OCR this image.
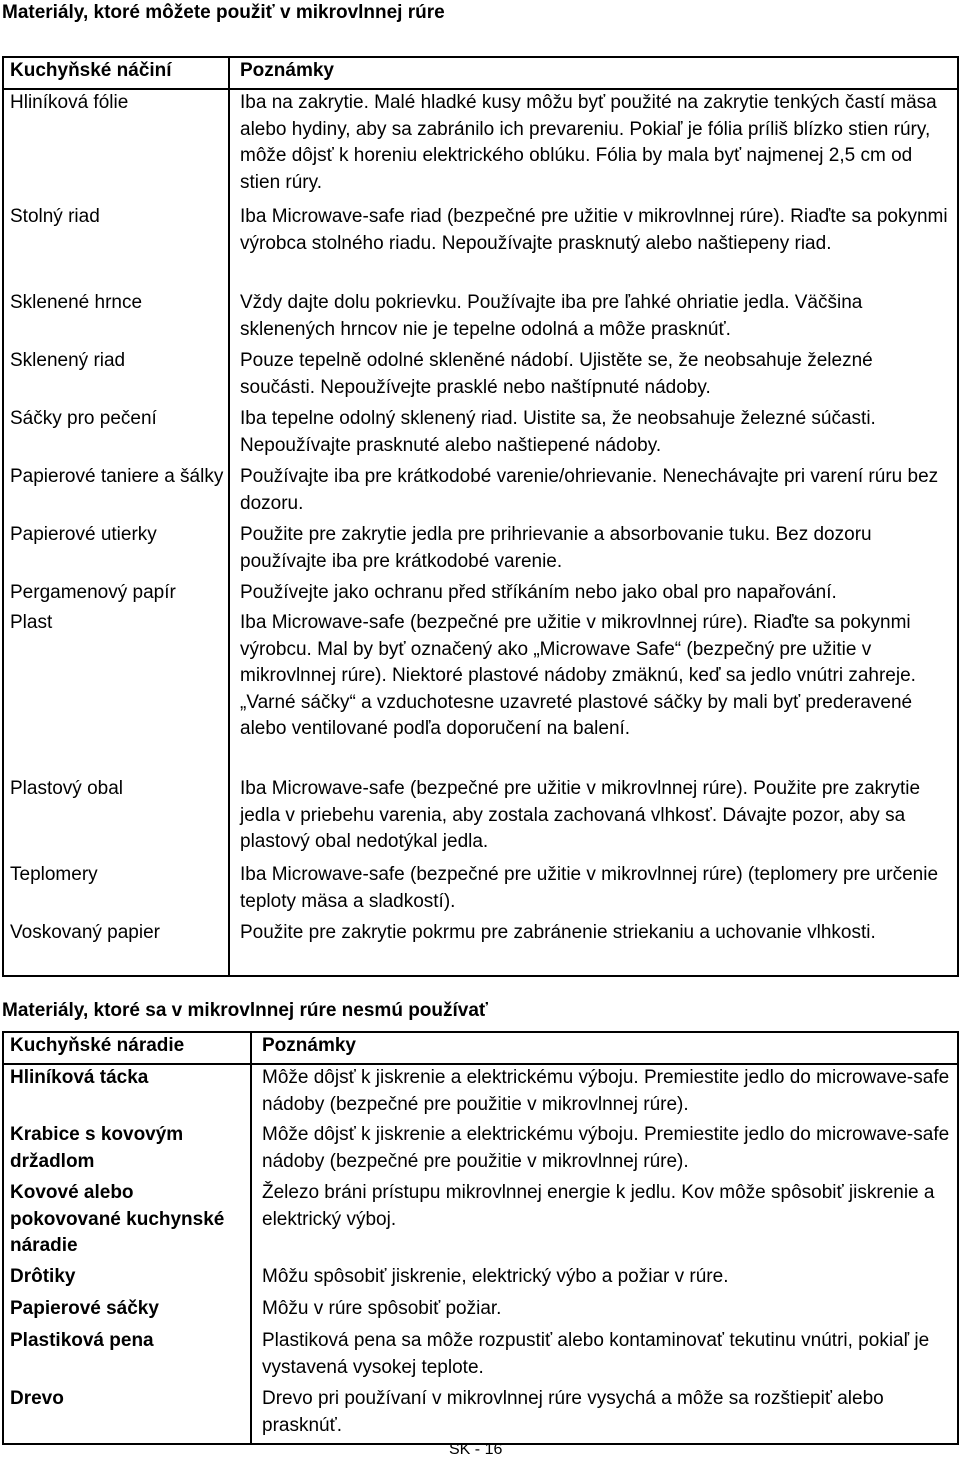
Materiály, ktoré môžete použiť v mikrovlnnej rúre
Kuchyňské náčiní	Poznámky
Hliníková fólie	Iba na zakrytie. Malé hladké kusy môžu byť použité na zakrytie tenkých častí mäsa alebo hydiny, aby sa zabránilo ich prevareniu. Pokiaľ je fólia príliš blízko stien rúry, môže dôjsť k horeniu elektrického oblúku. Fólia by mala byť najmenej 2,5 cm od stien rúry.
Stolný riad	Iba Microwave-safe riad (bezpečné pre užitie v mikrovlnnej rúre). Riaďte sa pokynmi výrobca stolného riadu. Nepoužívajte prasknutý alebo naštiepeny riad.
Sklenené hrnce	Vždy dajte dolu pokrievku. Používajte iba pre ľahké ohriatie jedla. Väčšina sklenených hrncov nie je tepelne odolná a môže prasknúť.
Sklenený riad	Pouze tepelně odolné skleněné nádobí. Ujistěte se, že neobsahuje železné součásti. Nepoužívejte prasklé nebo naštípnuté nádoby.
Sáčky pro pečení	Iba tepelne odolný sklenený riad. Uistite sa, že neobsahuje železné súčasti. Nepoužívajte prasknuté alebo naštiepené nádoby.
Papierové taniere a šálky	Používajte iba pre krátkodobé varenie/ohrievanie. Nenechávajte pri varení rúru bez dozoru.
Papierové utierky	Použite pre zakrytie jedla pre prihrievanie a absorbovanie tuku. Bez dozoru používajte iba pre krátkodobé varenie.
Pergamenový papír	Používejte jako ochranu před stříkáním nebo jako obal pro napařování.
Plast	Iba Microwave-safe (bezpečné pre užitie v mikrovlnnej rúre). Riaďte sa pokynmi výrobcu. Mal by byť označený ako „Microwave Safe“ (bezpečný pre užitie v mikrovlnnej rúre). Niektoré plastové nádoby zmäknú, keď sa jedlo vnútri zahreje. „Varné sáčky“ a vzduchotesne uzavreté plastové sáčky by mali byť prederavené alebo ventilované podľa doporučení na balení.
Plastový obal	Iba Microwave-safe (bezpečné pre užitie v mikrovlnnej rúre). Použite pre zakrytie jedla v priebehu varenia, aby zostala zachovaná vlhkosť. Dávajte pozor, aby sa plastový obal nedotýkal jedla.
Teplomery	Iba Microwave-safe (bezpečné pre užitie v mikrovlnnej rúre) (teplomery pre určenie teploty mäsa a sladkostí).
Voskovaný papier	Použite pre zakrytie pokrmu pre zabránenie striekaniu a uchovanie vlhkosti.
Materiály, ktoré sa v mikrovlnnej rúre nesmú používať
Kuchyňské náradie	Poznámky
Hliníková tácka	Môže dôjsť k jiskrenie a elektrickému výboju. Premiestite jedlo do microwave-safe nádoby (bezpečné pre použitie v mikrovlnnej rúre).
Krabice s kovovým držadlom	Môže dôjsť k jiskrenie a elektrickému výboju. Premiestite jedlo do microwave-safe nádoby (bezpečné pre použitie v mikrovlnnej rúre).
Kovové alebo pokovované kuchynské náradie	Železo bráni prístupu mikrovlnnej energie k jedlu. Kov môže spôsobiť jiskrenie a elektrický výboj.
Drôtiky	Môžu spôsobiť jiskrenie, elektrický výbo a požiar v rúre.
Papierové sáčky	Môžu v rúre spôsobiť požiar.
Plastiková pena	Plastiková pena sa môže rozpustiť alebo kontaminovať tekutinu vnútri, pokiaľ je vystavená vysokej teplote.
Drevo	Drevo pri používaní v mikrovlnnej rúre vysychá a môže sa rozštiepiť alebo prasknúť.
SK - 16
